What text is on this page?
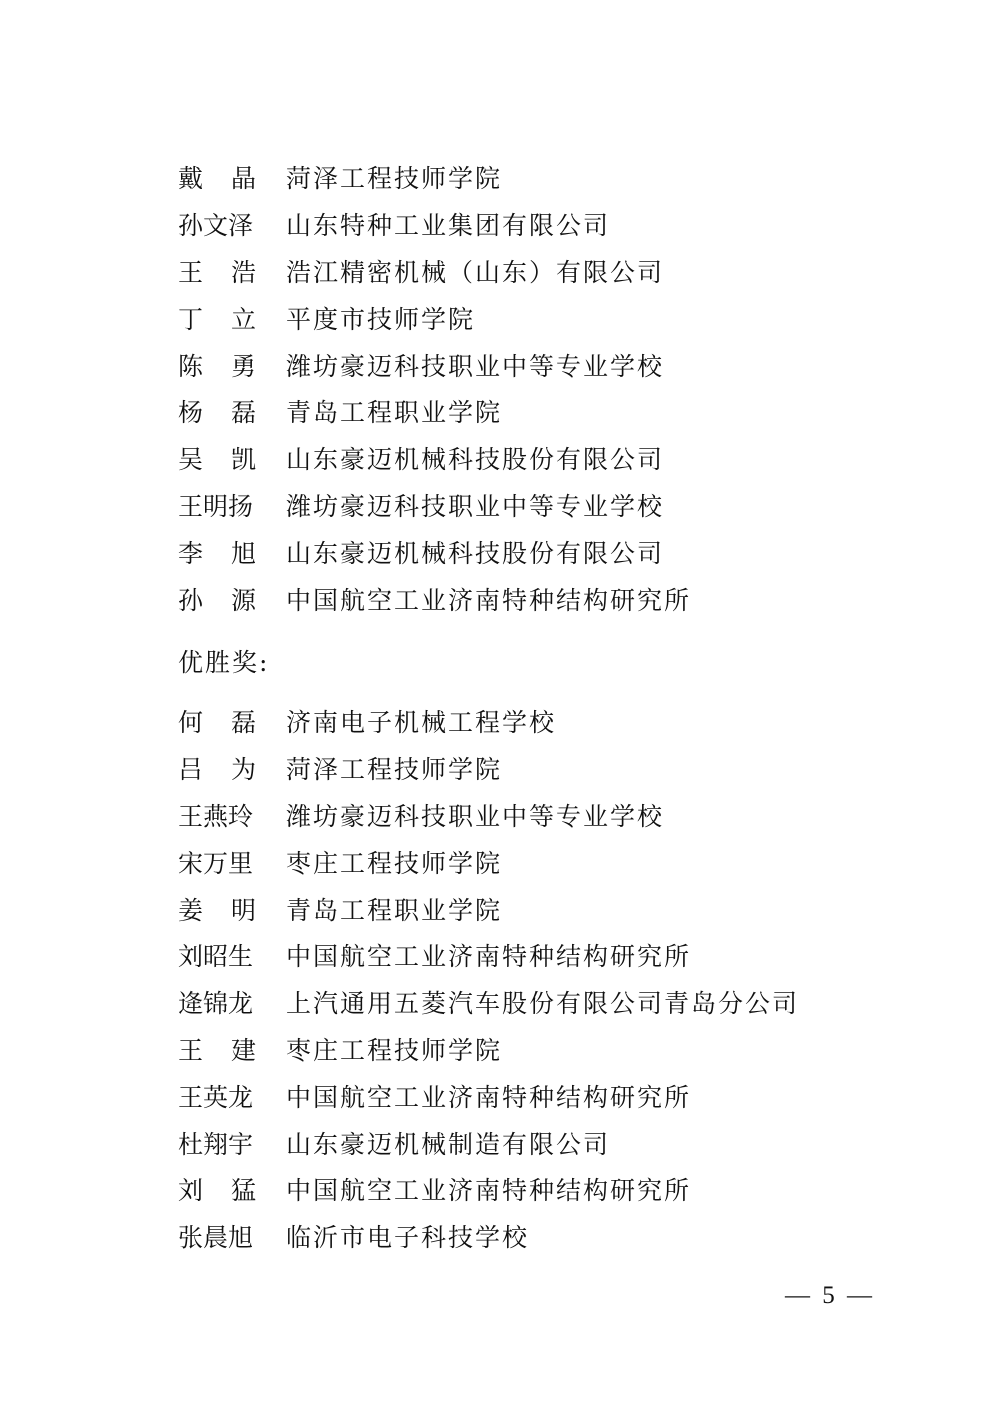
戴 晶	菏泽工程技师学院
孙文泽	山东特种工业集团有限公司
王 浩	浩江精密机械（山东）有限公司
丁 立	平度市技师学院
陈 勇	潍坊豪迈科技职业中等专业学校
杨 磊	青岛工程职业学院
吴 凯	山东豪迈机械科技股份有限公司
王明扬	潍坊豪迈科技职业中等专业学校
李 旭	山东豪迈机械科技股份有限公司
孙 源	中国航空工业济南特种结构研究所
优胜奖:
何 磊	济南电子机械工程学校
吕 为	菏泽工程技师学院
王燕玲	潍坊豪迈科技职业中等专业学校
宋万里	枣庄工程技师学院
姜 明	青岛工程职业学院
刘昭生	中国航空工业济南特种结构研究所
逄锦龙	上汽通用五菱汽车股份有限公司青岛分公司
王 建	枣庄工程技师学院
王英龙	中国航空工业济南特种结构研究所
杜翔宇	山东豪迈机械制造有限公司
刘 猛	中国航空工业济南特种结构研究所
张晨旭	临沂市电子科技学校
— 5 —
